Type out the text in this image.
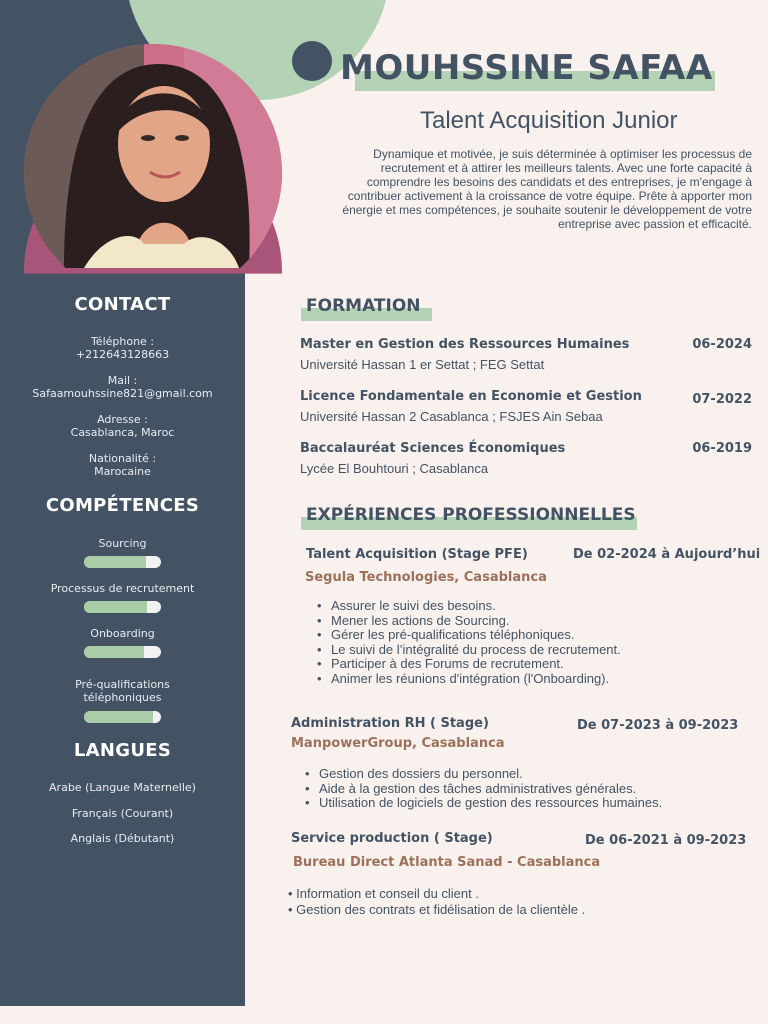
MOUHSSINE SAFAA
Talent Acquisition Junior
Dynamique et motivée, je suis déterminée à optimiser les processus de recrutement et à attirer les meilleurs talents. Avec une forte capacité à comprendre les besoins des candidats et des entreprises, je m'engage à contribuer activement à la croissance de votre équipe. Prête à apporter mon énergie et mes compétences, je souhaite soutenir le développement de votre entreprise avec passion et efficacité.
CONTACT
Téléphone :
+212643128663
Mail :
Safaamouhssine821@gmail.com
Adresse :
Casablanca, Maroc
Nationalité :
Marocaine
COMPÉTENCES
Sourcing
Processus de recrutement
Onboarding
Pré-qualifications téléphoniques
LANGUES
Arabe (Langue Maternelle)
Français (Courant)
Anglais (Débutant)
FORMATION
Master en Gestion des Ressources Humaines	06-2024
Université Hassan 1 er Settat ; FEG Settat
Licence Fondamentale en Economie et Gestion	07-2022
Université Hassan 2 Casablanca ; FSJES Ain Sebaa
Baccalauréat Sciences Économiques	06-2019
Lycée El Bouhtouri ; Casablanca
EXPÉRIENCES PROFESSIONNELLES
Talent Acquisition (Stage PFE)	De 02-2024 à Aujourd’hui
Segula Technologies, Casablanca
• Assurer le suivi des besoins.
• Mener les actions de Sourcing.
• Gérer les pré-qualifications téléphoniques.
• Le suivi de l’intégralité du process de recrutement.
• Participer à des Forums de recrutement.
• Animer les réunions d'intégration (l'Onboarding).
Administration RH ( Stage)	De 07-2023 à 09-2023
ManpowerGroup, Casablanca
• Gestion des dossiers du personnel.
• Aide à la gestion des tâches administratives générales.
• Utilisation de logiciels de gestion des ressources humaines.
Service production ( Stage)	De 06-2021 à 09-2023
Bureau Direct Atlanta Sanad - Casablanca
• Information et conseil du client .
• Gestion des contrats et fidélisation de la clientèle .
